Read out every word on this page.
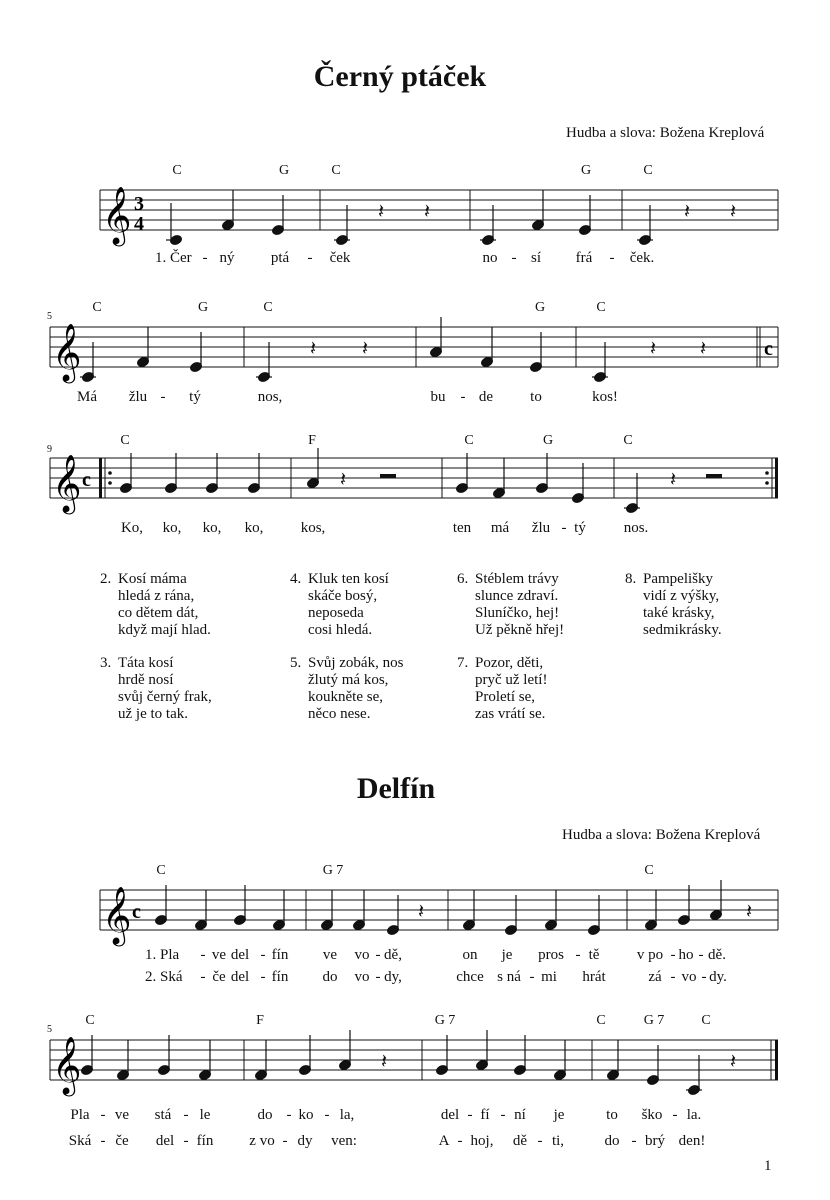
Černý ptáček
Hudba a slova: Božena Kreplová
C	G	C	G	C
𝄞 3
4
𝄽 𝄽	𝄽 𝄽
1. Čer - ný ptá - ček	no - sí frá - ček.
5
C	G	C	G	C
𝄞	c
𝄽 𝄽	𝄽 𝄽
Má žlu - tý	nos,	bu - de to	kos!
9
C	F	C	G	C
𝄞 c	𝄽	𝄽
Ko, ko, ko, ko, kos,	ten má žlu - tý	nos.
2. Kosí máma
hledá z rána,
co dětem dát,
když mají hlad.
4. Kluk ten kosí
skáče bosý,
neposeda
cosi hledá.
6. Stéblem trávy
slunce zdraví.
Sluníčko, hej!
Už pěkně hřej!
8. Pampelišky
vidí z výšky,
také krásky,
sedmikrásky.
3. Táta kosí
hrdě nosí
svůj černý frak,
už je to tak.
5. Svůj zobák, nos
žlutý má kos,
koukněte se,
něco nese.
7. Pozor, děti,
pryč už letí!
Proletí se,
zas vrátí se.
Delfín
Hudba a slova: Božena Kreplová
C	G 7	C
𝄞 c	𝄽	𝄽
1. Pla - ve del - fín ve vo - dě,	on je pros - tě v po - ho - dě.
2. Ská - če del - fín do vo - dy,	chce s ná - mi hrát	zá - vo - dy.
5
C	F	G 7	C	G 7	C
𝄞	𝄽	𝄽
Pla - ve stá - le	do - ko - la,	del - fí - ní je	to ško - la.
Ská - če del - fín z vo - dy ven:	A - hoj, dě - ti,	do - brý den!
1
